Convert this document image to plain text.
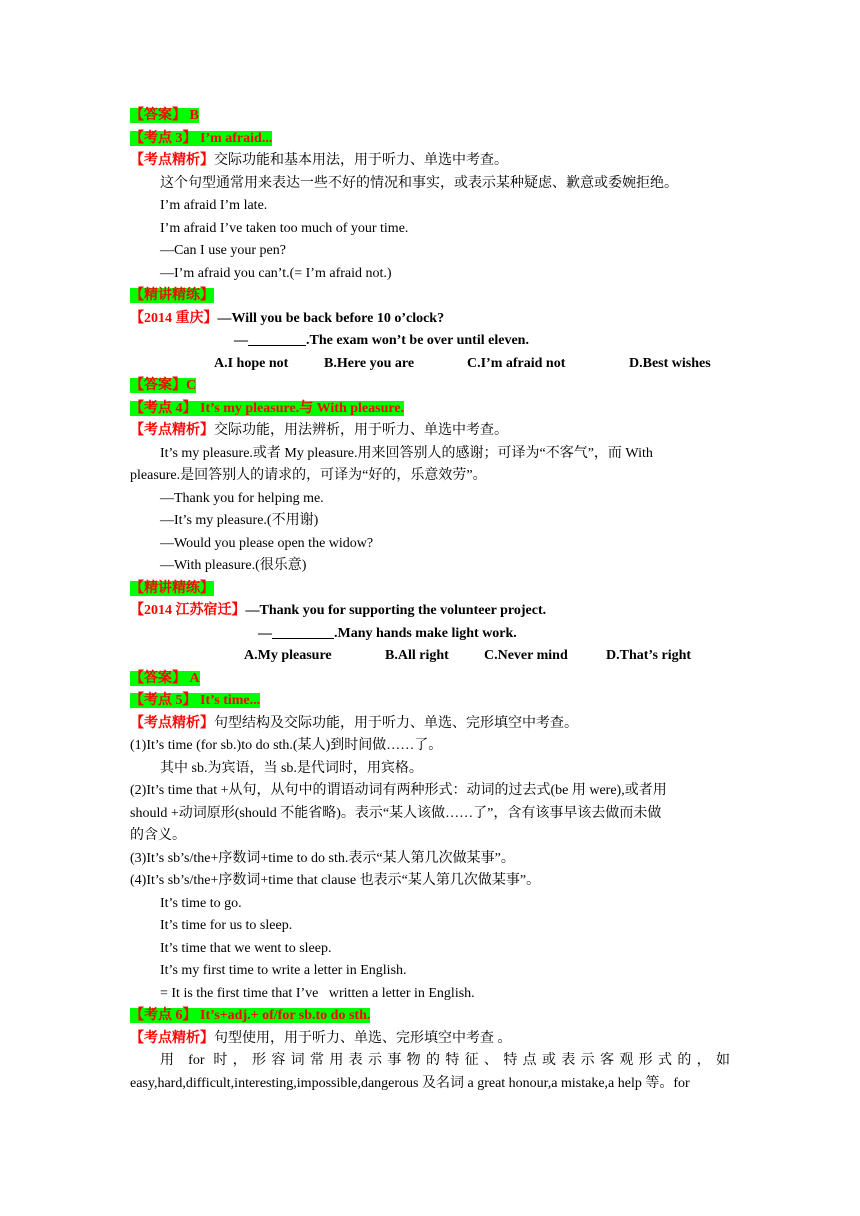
【答案】 B
【考点 3】 I’m afraid...
【考点精析】交际功能和基本用法，用于听力、单选中考查。
这个句型通常用来表达一些不好的情况和事实，或表示某种疑虑、歉意或委婉拒绝。
I’m afraid I’m late.
I’m afraid I’ve taken too much of your time.
—Can I use your pen?
—I’m afraid you can’t.(= I’m afraid not.)
【精讲精练】
【2014 重庆】—Will you be back before 10 o’clock?
—	.The exam won’t be over until eleven.
A.I hope not	B.Here you are	C.I’m afraid not	D.Best wishes
【答案】C
【考点 4】 It’s my pleasure.与 With pleasure.
【考点精析】交际功能，用法辨析，用于听力、单选中考查。
It’s my pleasure.或者 My pleasure.用来回答别人的感谢；可译为“不客气”，而 With
pleasure.是回答别人的请求的，可译为“好的，乐意效劳”。
—Thank you for helping me.
—It’s my pleasure.(不用谢)
—Would you please open the widow?
—With pleasure.(很乐意)
【精讲精练】
【2014 江苏宿迁】—Thank you for supporting the volunteer project.
—	.Many hands make light work.
A.My pleasure	B.All right	C.Never mind	D.That’s right
【答案】 A
【考点 5】 It’s time...
【考点精析】句型结构及交际功能，用于听力、单选、完形填空中考查。
(1)It’s time (for sb.)to do sth.(某人)到时间做……了。
其中 sb.为宾语，当 sb.是代词时，用宾格。
(2)It’s time that +从句，从句中的谓语动词有两种形式：动词的过去式(be 用 were),或者用
should +动词原形(should 不能省略)。表示“某人该做……了”，含有该事早该去做而未做
的含义。
(3)It’s sb’s/the+序数词+time to do sth.表示“某人第几次做某事”。
(4)It’s sb’s/the+序数词+time that clause 也表示“某人第几次做某事”。
It’s time to go.
It’s time for us to sleep.
It’s time that we went to sleep.
It’s my first time to write a letter in English.
= It is the first time that I’ve   written a letter in English.
【考点 6】 It’s+adj.+ of/for sb.to do sth.
【考点精析】句型使用，用于听力、单选、完形填空中考查 。
用 for 时，形容词常用表示事物的特征、特点或表示客观形式的，如
easy,hard,difficult,interesting,impossible,dangerous 及名词 a great honour,a mistake,a help 等。for
